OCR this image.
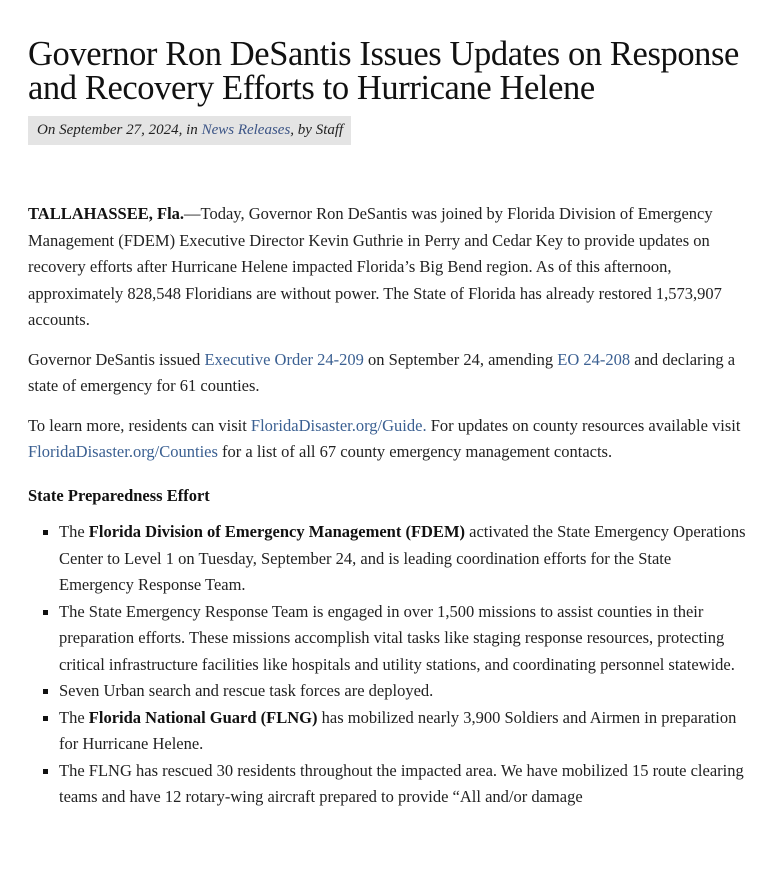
Governor Ron DeSantis Issues Updates on Response and Recovery Efforts to Hurricane Helene
On September 27, 2024, in News Releases, by Staff

TALLAHASSEE, Fla.—Today, Governor Ron DeSantis was joined by Florida Division of Emergency Management (FDEM) Executive Director Kevin Guthrie in Perry and Cedar Key to provide updates on recovery efforts after Hurricane Helene impacted Florida’s Big Bend region. As of this afternoon, approximately 828,548 Floridians are without power. The State of Florida has already restored 1,573,907 accounts.

Governor DeSantis issued Executive Order 24-209 on September 24, amending EO 24-208 and declaring a state of emergency for 61 counties.

To learn more, residents can visit FloridaDisaster.org/Guide. For updates on county resources available visit FloridaDisaster.org/Counties for a list of all 67 county emergency management contacts.

State Preparedness Effort
The Florida Division of Emergency Management (FDEM) activated the State Emergency Operations Center to Level 1 on Tuesday, September 24, and is leading coordination efforts for the State Emergency Response Team.
The State Emergency Response Team is engaged in over 1,500 missions to assist counties in their preparation efforts. These missions accomplish vital tasks like staging response resources, protecting critical infrastructure facilities like hospitals and utility stations, and coordinating personnel statewide.
Seven Urban search and rescue task forces are deployed.
The Florida National Guard (FLNG) has mobilized nearly 3,900 Soldiers and Airmen in preparation for Hurricane Helene.
The FLNG has rescued 30 residents throughout the impacted area. We have mobilized 15 route clearing teams and have 12 rotary-wing aircraft prepared to provide “All and/or damage
